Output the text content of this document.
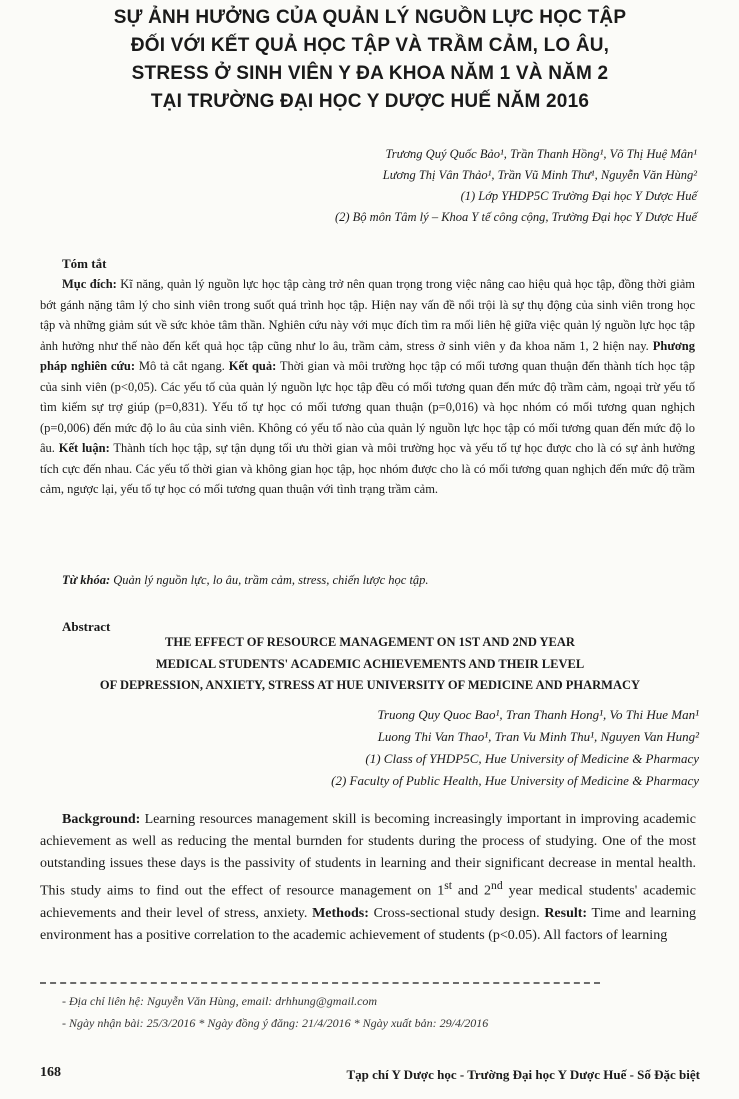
SỰ ẢNH HƯỞNG CỦA QUẢN LÝ NGUỒN LỰC HỌC TẬP
ĐỐI VỚI KẾT QUẢ HỌC TẬP VÀ TRẦM CẢM, LO ÂU,
STRESS Ở SINH VIÊN Y ĐA KHOA NĂM 1 VÀ NĂM 2
TẠI TRƯỜNG ĐẠI HỌC Y DƯỢC HUẾ NĂM 2016
Trương Quý Quốc Bảo¹, Trần Thanh Hồng¹, Võ Thị Huệ Mân¹
Lương Thị Vân Thảo¹, Trần Vũ Minh Thư¹, Nguyễn Văn Hùng²
(1) Lớp YHDP5C Trường Đại học Y Dược Huế
(2) Bộ môn Tâm lý – Khoa Y tế công cộng, Trường Đại học Y Dược Huế
Tóm tắt
Mục đích: Kĩ năng, quản lý nguồn lực học tập càng trở nên quan trọng trong việc nâng cao hiệu quả học tập, đồng thời giảm bớt gánh nặng tâm lý cho sinh viên trong suốt quá trình học tập. Hiện nay vấn đề nổi trội là sự thụ động của sinh viên trong học tập và những giảm sút về sức khỏe tâm thần. Nghiên cứu này với mục đích tìm ra mối liên hệ giữa việc quản lý nguồn lực học tập ảnh hưởng như thế nào đến kết quả học tập cũng như lo âu, trầm cảm, stress ở sinh viên y đa khoa năm 1, 2 hiện nay. Phương pháp nghiên cứu: Mô tả cắt ngang. Kết quả: Thời gian và môi trường học tập có mối tương quan thuận đến thành tích học tập của sinh viên (p<0,05). Các yếu tố của quản lý nguồn lực học tập đều có mối tương quan đến mức độ trầm cảm, ngoại trừ yếu tố tìm kiếm sự trợ giúp (p=0,831). Yếu tố tự học có mối tương quan thuận (p=0,016) và học nhóm có mối tương quan nghịch (p=0,006) đến mức độ lo âu của sinh viên. Không có yếu tố nào của quản lý nguồn lực học tập có mối tương quan đến mức độ lo âu. Kết luận: Thành tích học tập, sự tận dụng tối ưu thời gian và môi trường học và yếu tố tự học được cho là có sự ảnh hưởng tích cực đến nhau. Các yếu tố thời gian và không gian học tập, học nhóm được cho là có mối tương quan nghịch đến mức độ trầm cảm, ngược lại, yếu tố tự học có mối tương quan thuận với tình trạng trầm cảm.
Từ khóa: Quản lý nguồn lực, lo âu, trầm cảm, stress, chiến lược học tập.
Abstract
THE EFFECT OF RESOURCE MANAGEMENT ON 1ST AND 2ND YEAR
MEDICAL STUDENTS' ACADEMIC ACHIEVEMENTS AND THEIR LEVEL
OF DEPRESSION, ANXIETY, STRESS AT HUE UNIVERSITY OF MEDICINE AND PHARMACY
Truong Quy Quoc Bao¹, Tran Thanh Hong¹, Vo Thi Hue Man¹
Luong Thi Van Thao¹, Tran Vu Minh Thu¹, Nguyen Van Hung²
(1) Class of YHDP5C, Hue University of Medicine & Pharmacy
(2) Faculty of Public Health, Hue University of Medicine & Pharmacy
Background: Learning resources management skill is becoming increasingly important in improving academic achievement as well as reducing the mental burnden for students during the process of studying. One of the most outstanding issues these days is the passivity of students in learning and their significant decrease in mental health. This study aims to find out the effect of resource management on 1st and 2nd year medical students' academic achievements and their level of stress, anxiety. Methods: Cross-sectional study design. Result: Time and learning environment has a positive correlation to the academic achievement of students (p<0.05). All factors of learning
- Địa chỉ liên hệ: Nguyễn Văn Hùng, email: drhhung@gmail.com
- Ngày nhận bài: 25/3/2016 * Ngày đồng ý đăng: 21/4/2016 * Ngày xuất bản: 29/4/2016
168	Tạp chí Y Dược học - Trường Đại học Y Dược Huế - Số Đặc biệt
